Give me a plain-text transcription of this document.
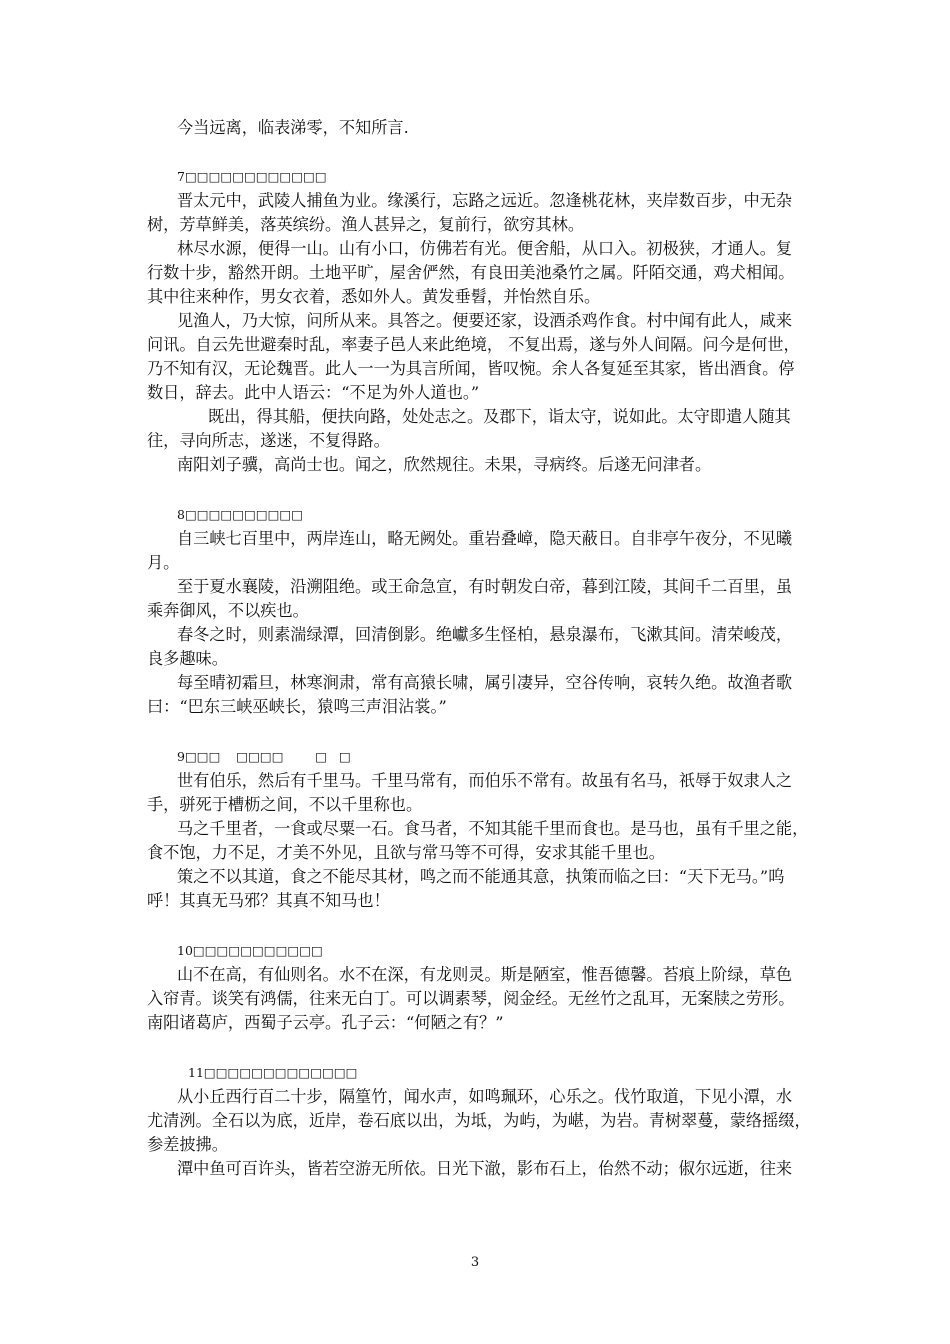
今当远离，临表涕零，不知所言.
7□□□□□□□□□□□□
晋太元中，武陵人捕鱼为业。缘溪行，忘路之远近。忽逢桃花林，夹岸数百步，中无杂
树，芳草鲜美，落英缤纷。渔人甚异之，复前行，欲穷其林。
林尽水源，便得一山。山有小口，仿佛若有光。便舍船，从口入。初极狭，才通人。复
行数十步，豁然开朗。土地平旷，屋舍俨然，有良田美池桑竹之属。阡陌交通，鸡犬相闻。
其中往来种作，男女衣着，悉如外人。黄发垂髫，并怡然自乐。
见渔人，乃大惊，问所从来。具答之。便要还家，设酒杀鸡作食。村中闻有此人，咸来
问讯。自云先世避秦时乱，率妻子邑人来此绝境， 不复出焉，遂与外人间隔。问今是何世，
乃不知有汉，无论魏晋。此人一一为具言所闻，皆叹惋。余人各复延至其家，皆出酒食。停
数日，辞去。此中人语云：“不足为外人道也。”
既出，得其船，便扶向路，处处志之。及郡下，诣太守，说如此。太守即遣人随其
往，寻向所志，遂迷，不复得路。
南阳刘子骥，高尚士也。闻之，欣然规往。未果，寻病终。后遂无问津者。
8□□□□□□□□□□
自三峡七百里中，两岸连山，略无阙处。重岩叠嶂，隐天蔽日。自非亭午夜分，不见曦
月。
至于夏水襄陵，沿溯阻绝。或王命急宣，有时朝发白帝，暮到江陵，其间千二百里，虽
乘奔御风，不以疾也。
春冬之时，则素湍绿潭，回清倒影。绝巘多生怪柏，悬泉瀑布，飞漱其间。清荣峻茂，
良多趣味。
每至晴初霜旦，林寒涧肃，常有高猿长啸，属引凄异，空谷传响，哀转久绝。故渔者歌
曰：“巴东三峡巫峡长，猿鸣三声泪沾裳。”
9□□□    □□□□        □   □
世有伯乐，然后有千里马。千里马常有，而伯乐不常有。故虽有名马，祇辱于奴隶人之
手，骈死于槽枥之间，不以千里称也。
马之千里者，一食或尽粟一石。食马者，不知其能千里而食也。是马也，虽有千里之能，
食不饱，力不足，才美不外见，且欲与常马等不可得，安求其能千里也。
策之不以其道，食之不能尽其材，鸣之而不能通其意，执策而临之曰：“天下无马。”呜
呼！其真无马邪？其真不知马也！
10□□□□□□□□□□□
山不在高，有仙则名。水不在深，有龙则灵。斯是陋室，惟吾德馨。苔痕上阶绿，草色
入帘青。谈笑有鸿儒，往来无白丁。可以调素琴，阅金经。无丝竹之乱耳，无案牍之劳形。
南阳诸葛庐，西蜀子云亭。孔子云：“何陋之有？”
11□□□□□□□□□□□□□
从小丘西行百二十步，隔篁竹，闻水声，如鸣珮环，心乐之。伐竹取道，下见小潭，水
尤清洌。全石以为底，近岸，卷石底以出，为坻，为屿，为嵁，为岩。青树翠蔓，蒙络摇缀，
参差披拂。
潭中鱼可百许头，皆若空游无所依。日光下澈，影布石上，佁然不动；俶尔远逝，往来
3
